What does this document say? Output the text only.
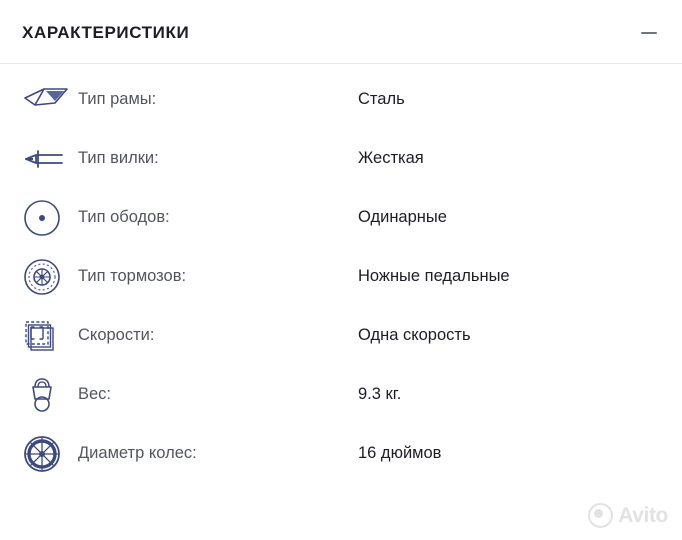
ХАРАКТЕРИСТИКИ
Тип рамы:	Сталь
Тип вилки:	Жесткая
Тип ободов:	Одинарные
Тип тормозов:	Ножные педальные
Скорости:	Одна скорость
Вес:	9.3 кг.
Диаметр колес:	16 дюймов
Avito
